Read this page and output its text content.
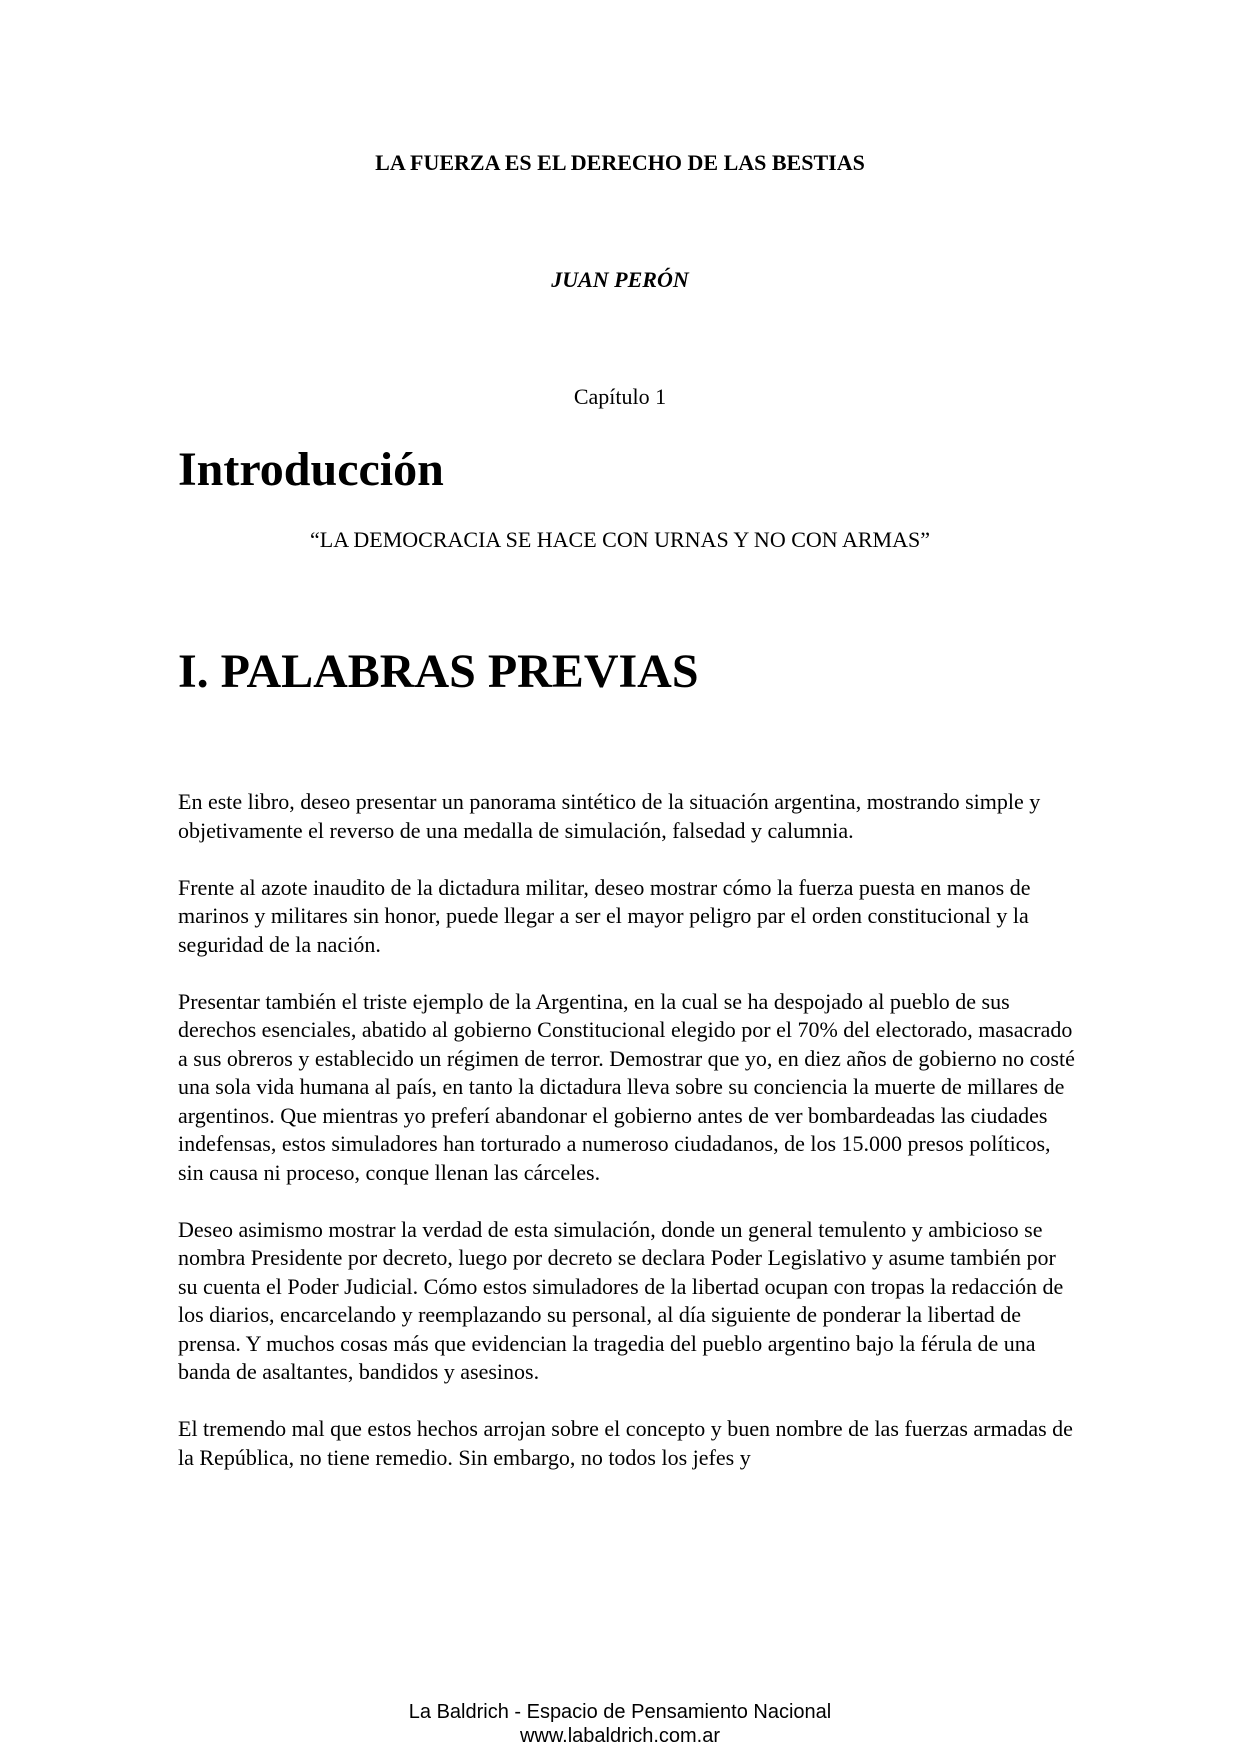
LA FUERZA ES EL DERECHO DE LAS BESTIAS
JUAN PERÓN
Capítulo 1
Introducción
“LA DEMOCRACIA SE HACE CON URNAS Y NO CON ARMAS”
I. PALABRAS PREVIAS

En este libro, deseo presentar un panorama sintético de la situación argentina, mostrando simple y objetivamente el reverso de una medalla de simulación, falsedad y calumnia.

Frente al azote inaudito de la dictadura militar, deseo mostrar cómo la fuerza puesta en manos de marinos y militares sin honor, puede llegar a ser el mayor peligro par el orden constitucional y la seguridad de la nación.

Presentar también el triste ejemplo de la Argentina, en la cual se ha despojado al pueblo de sus derechos esenciales, abatido al gobierno Constitucional elegido por el 70% del electorado, masacrado a sus obreros y establecido un régimen de terror. Demostrar que yo, en diez años de gobierno no costé una sola vida humana al país, en tanto la dictadura lleva sobre su conciencia la muerte de millares de argentinos. Que mientras yo preferí abandonar el gobierno antes de ver bombardeadas las ciudades indefensas, estos simuladores han torturado a numeroso ciudadanos, de los 15.000 presos políticos, sin causa ni proceso, conque llenan las cárceles.

Deseo asimismo mostrar la verdad de esta simulación, donde un general temulento y ambicioso se nombra Presidente por decreto, luego por decreto se declara Poder Legislativo y asume también por su cuenta el Poder Judicial. Cómo estos simuladores de la libertad ocupan con tropas la redacción de los diarios, encarcelando y reemplazando su personal, al día siguiente de ponderar la libertad de prensa. Y muchos cosas más que evidencian la tragedia del pueblo argentino bajo la férula de una banda de asaltantes, bandidos y asesinos.

El tremendo mal que estos hechos arrojan sobre el concepto y buen nombre de las fuerzas armadas de la República, no tiene remedio. Sin embargo, no todos los jefes y

La Baldrich - Espacio de Pensamiento Nacional
www.labaldrich.com.ar
